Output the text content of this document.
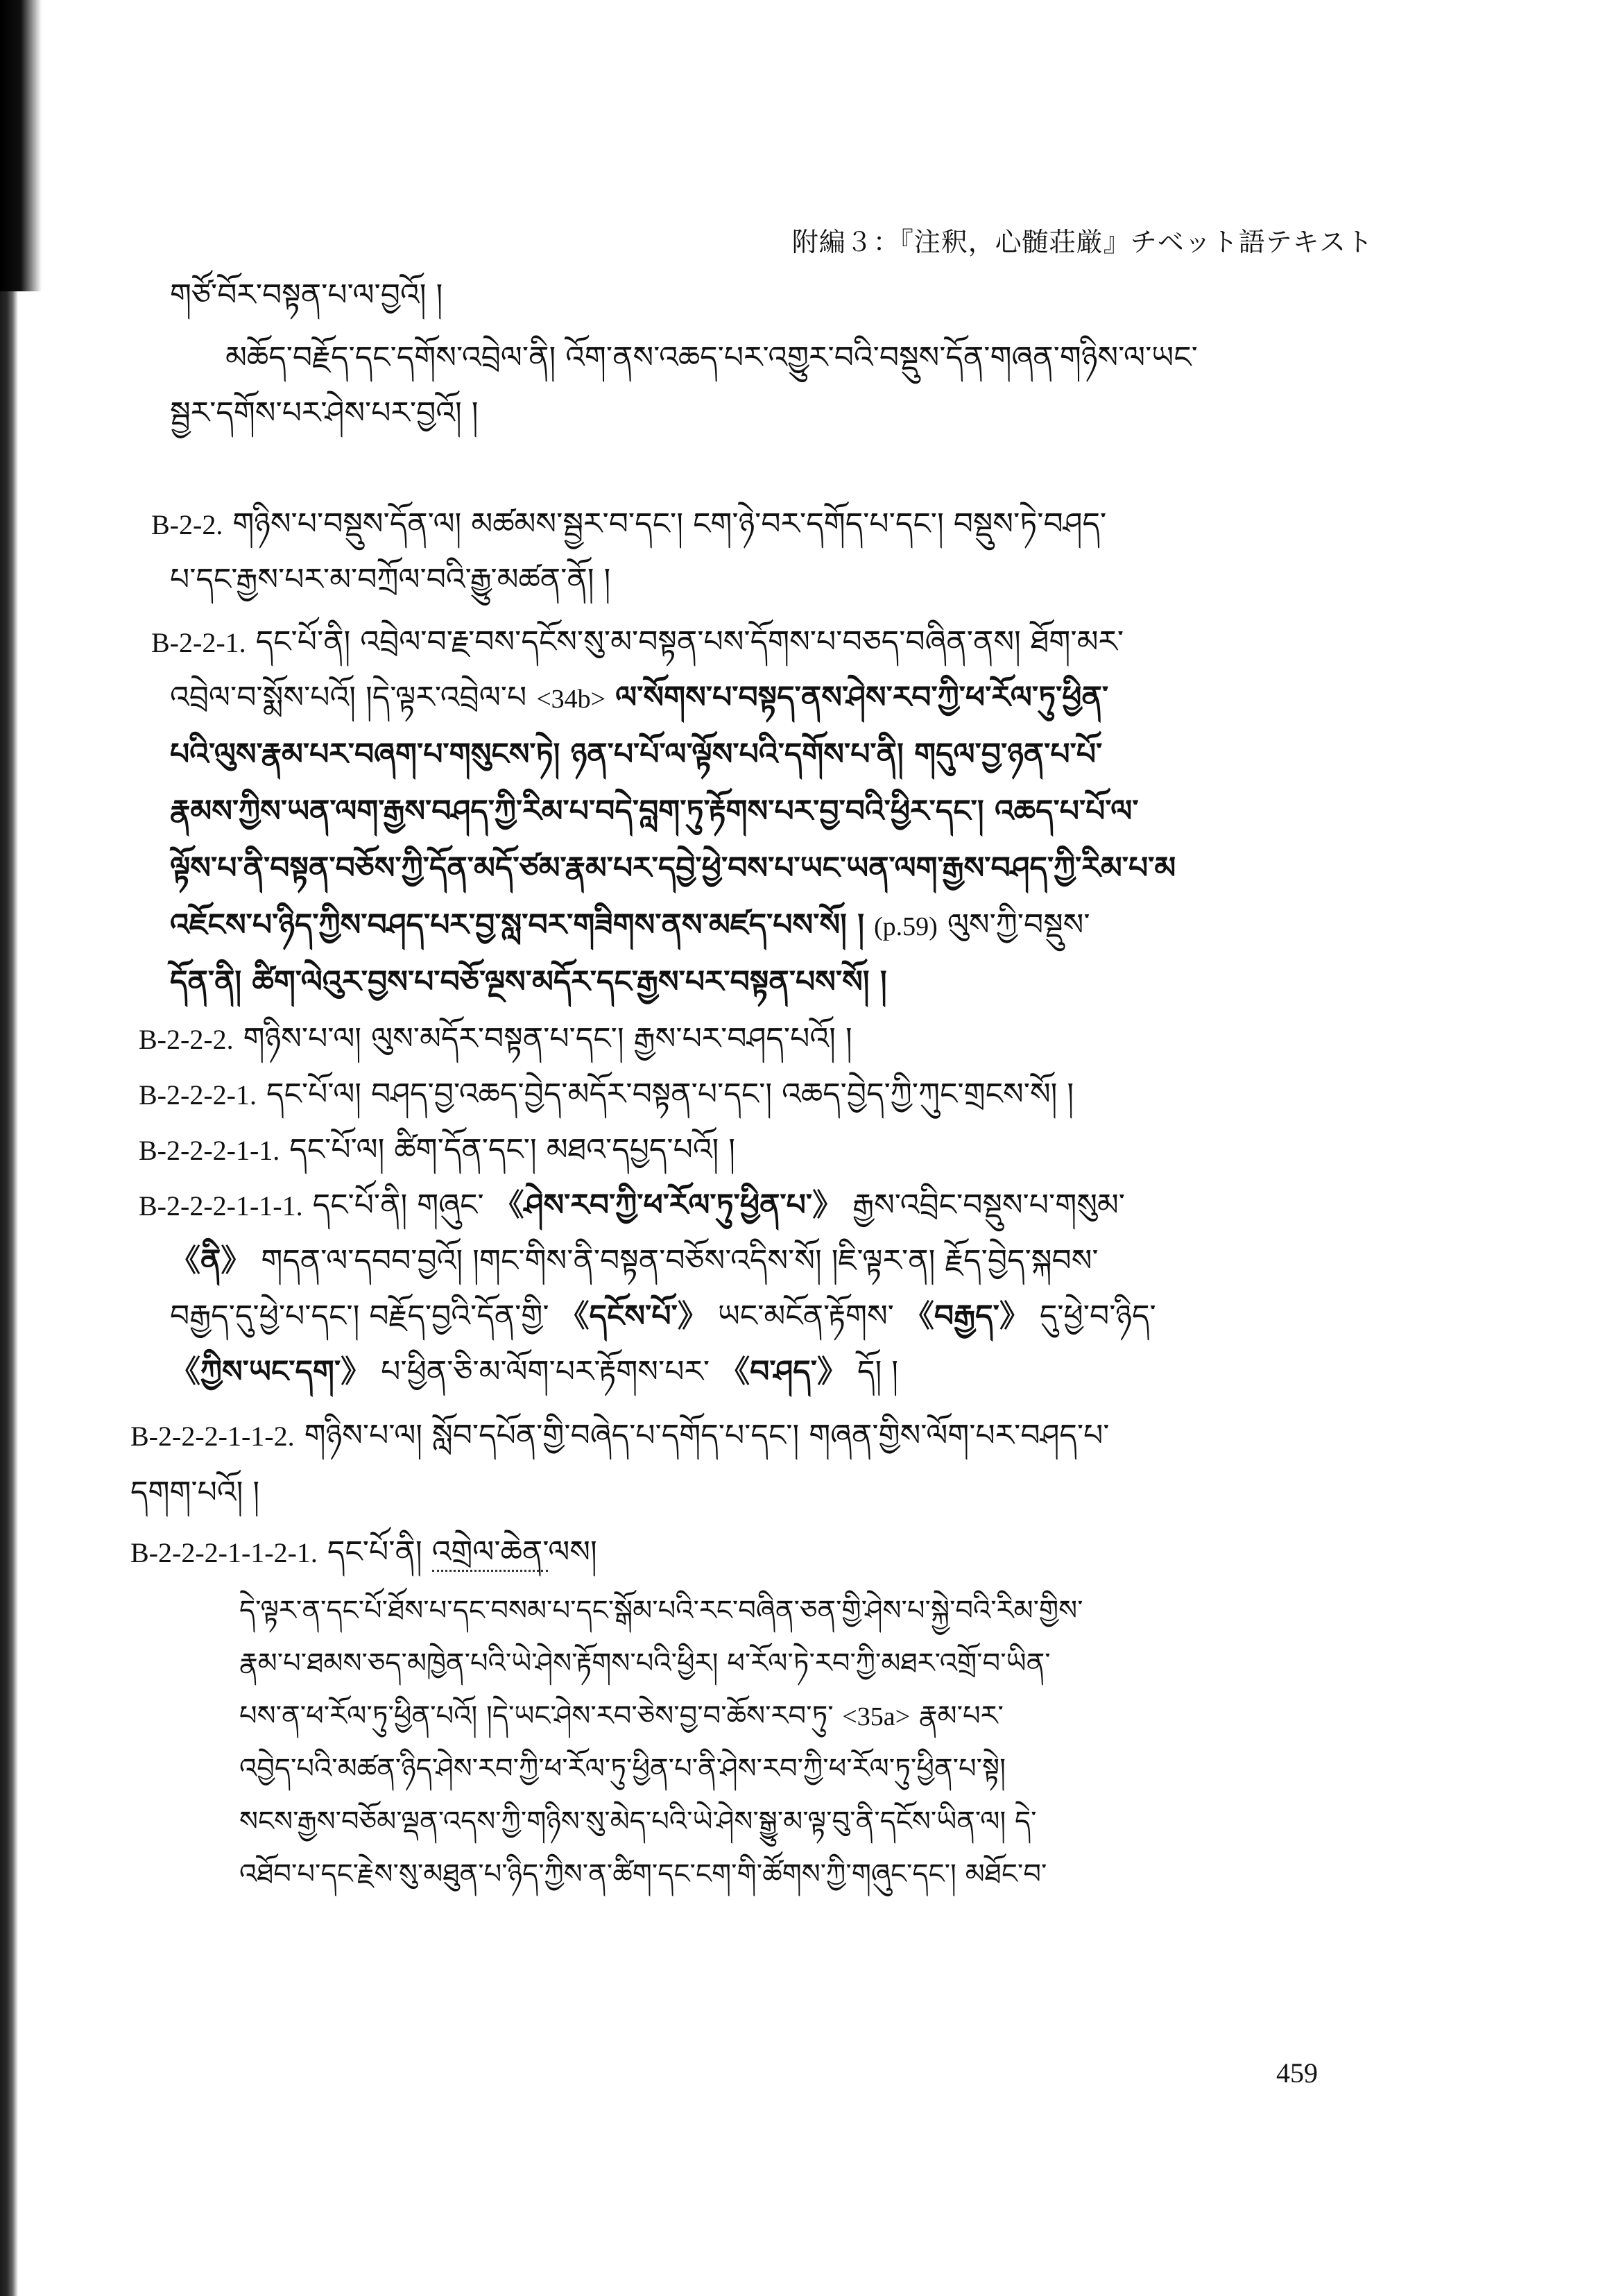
附編３：『注釈，心髄荘厳』チベット語テキスト
གཙོ་བོར་བསྟན་པ་ལ་བྱའོ། །
མཆོད་བརྗོད་དང་དགོས་འབྲེལ་ནི། འོག་ནས་འཆད་པར་འགྱུར་བའི་བསྡུས་དོན་གཞན་གཉིས་ལ་ཡང་
སྦྱར་དགོས་པར་ཤེས་པར་བྱའོ། །
B-2-2. གཉིས་པ་བསྡུས་དོན་ལ། མཚམས་སྦྱར་བ་དང་། ངག་ཉེ་བར་དགོད་པ་དང་། བསྡུས་ཏེ་བཤད་
པ་དང་རྒྱས་པར་མ་བཀྲོལ་བའི་རྒྱུ་མཚན་ནོ། །
B-2-2-1. དང་པོ་ནི། འབྲེལ་བ་རྗ་བས་དངོས་སུ་མ་བསྟན་པས་དོགས་པ་བཅད་བཞིན་ནས། ཐོག་མར་
འབྲེལ་བ་སྨོས་པའོ། །དེ་ལྟར་འབྲེལ་པ <34b> ལ་སོགས་པ་བསྟད་ནས་ཤེས་རབ་ཀྱི་ཕ་རོལ་ཏུ་ཕྱིན་
པའི་ལུས་རྣམ་པར་བཞག་པ་གསུངས་ཏེ། ཉན་པ་པོ་ལ་ལྟོས་པའི་དགོས་པ་ནི། གདུལ་བྱ་ཉན་པ་པོ་
རྣམས་ཀྱིས་ཡན་ལག་རྒྱས་བཤད་ཀྱི་རིམ་པ་བདེ་བླག་ཏུ་རྟོགས་པར་བྱ་བའི་ཕྱིར་དང་། འཆད་པ་པོ་ལ་
ལྟོས་པ་ནི་བསྟན་བཅོས་ཀྱི་དོན་མདོ་ཙམ་རྣམ་པར་དབྱེ་ཕྱེ་བས་པ་ཡང་ཡན་ལག་རྒྱས་བཤད་ཀྱི་རིམ་པ་མ
འཇོངས་པ་ཉིད་ཀྱིས་བཤད་པར་བྱ་སླ་བར་གཟིགས་ནས་མཛད་པས་སོ། ། (p.59) ལུས་ཀྱི་བསྡུས་
དོན་ནི། ཚིག་ལེའུར་བྱས་པ་བཅོ་ལྔས་མདོར་དང་རྒྱས་པར་བསྟན་པས་སོ། །
B-2-2-2. གཉིས་པ་ལ། ལུས་མདོར་བསྟན་པ་དང་། རྒྱས་པར་བཤད་པའོ། །
B-2-2-2-1. དང་པོ་ལ། བཤད་བྱ་འཆད་བྱེད་མདོར་བསྟན་པ་དང་། འཆད་བྱེད་ཀྱི་ཀུང་གྲངས་སོ། །
B-2-2-2-1-1. དང་པོ་ལ། ཚིག་དོན་དང་། མཐའ་དཔྱད་པའོ། །
B-2-2-2-1-1-1. དང་པོ་ནི། གཞུང་ 《ཤེས་རབ་ཀྱི་ཕ་རོལ་ཏུ་ཕྱིན་པ་》 རྒྱས་འབྲིང་བསྡུས་པ་གསུམ་
《ནི》 གདན་ལ་དབབ་བྱའོ། །གང་གིས་ནི་བསྟན་བཅོས་འདིས་སོ། །ཇི་ལྟར་ན། རྗོད་བྱེད་སྐབས་
བརྒྱད་དུ་ཕྱེ་པ་དང་། བརྗོད་བྱའི་དོན་གྱི་ 《དངོས་པོ་》 ཡང་མངོན་རྟོགས་ 《བརྒྱད་》 དུ་ཕྱེ་བ་ཉིད་
《ཀྱིས་ཡང་དག་》 པ་ཕྱིན་ཅི་མ་ལོག་པར་རྟོགས་པར་ 《བ་ཤད་》 དོ། །
B-2-2-2-1-1-2. གཉིས་པ་ལ། སློབ་དཔོན་གྱི་བཞེད་པ་དགོད་པ་དང་། གཞན་གྱིས་ལོག་པར་བཤད་པ་
དགག་པའོ། །
B-2-2-2-1-1-2-1. དང་པོ་ནི། འགྲེལ་ཆེན་ལས།
དེ་ལྟར་ན་དང་པོ་ཐོས་པ་དང་བསམ་པ་དང་སྒོམ་པའི་རང་བཞིན་ཅན་གྱི་ཤེས་པ་སྐྱེ་བའི་རིམ་གྱིས་
རྣམ་པ་ཐམས་ཅད་མཁྱེན་པའི་ཡེ་ཤེས་རྟོགས་པའི་ཕྱིར། ཕ་རོལ་ཏེ་རབ་ཀྱི་མཐར་འགྲོ་བ་ཡིན་
པས་ན་ཕ་རོལ་ཏུ་ཕྱིན་པའོ། །དེ་ཡང་ཤེས་རབ་ཅེས་བྱ་བ་ཆོས་རབ་ཏུ་ <35a> རྣམ་པར་
འབྱེད་པའི་མཚན་ཉིད་ཤེས་རབ་ཀྱི་ཕ་རོལ་ཏུ་ཕྱིན་པ་ནི་ཤེས་རབ་ཀྱི་ཕ་རོལ་ཏུ་ཕྱིན་པ་སྟེ།
སངས་རྒྱས་བཅོམ་ལྡན་འདས་ཀྱི་གཉིས་སུ་མེད་པའི་ཡེ་ཤེས་སྒྱུ་མ་ལྟ་བུ་ནི་དངོས་ཡིན་ལ། དེ་
འཐོབ་པ་དང་རྗེས་སུ་མཐུན་པ་ཉིད་ཀྱིས་ན་ཚིག་དང་ངག་གི་ཚོགས་ཀྱི་གཞུང་དང་། མཐོང་བ་
459
